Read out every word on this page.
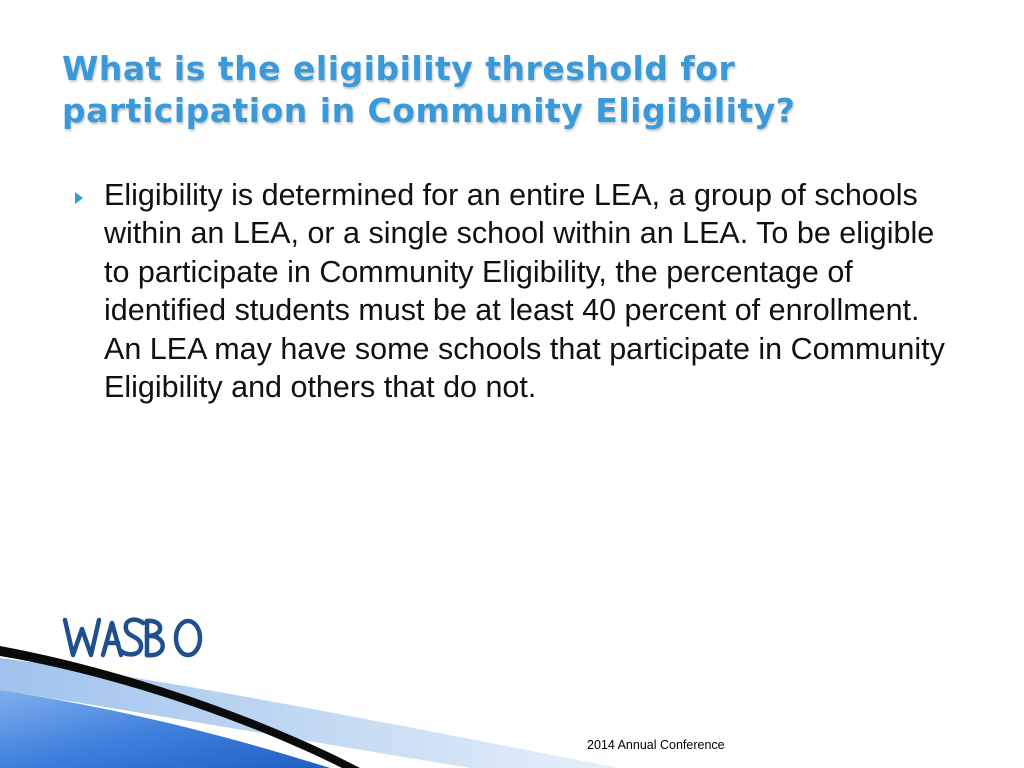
What is the eligibility threshold for participation in Community Eligibility?
Eligibility is determined for an entire LEA, a group of schools within an LEA, or a single school within an LEA. To be eligible to participate in Community Eligibility, the percentage of identified students must be at least 40 percent of enrollment. An LEA may have some schools that participate in Community Eligibility and others that do not.
2014 Annual Conference
